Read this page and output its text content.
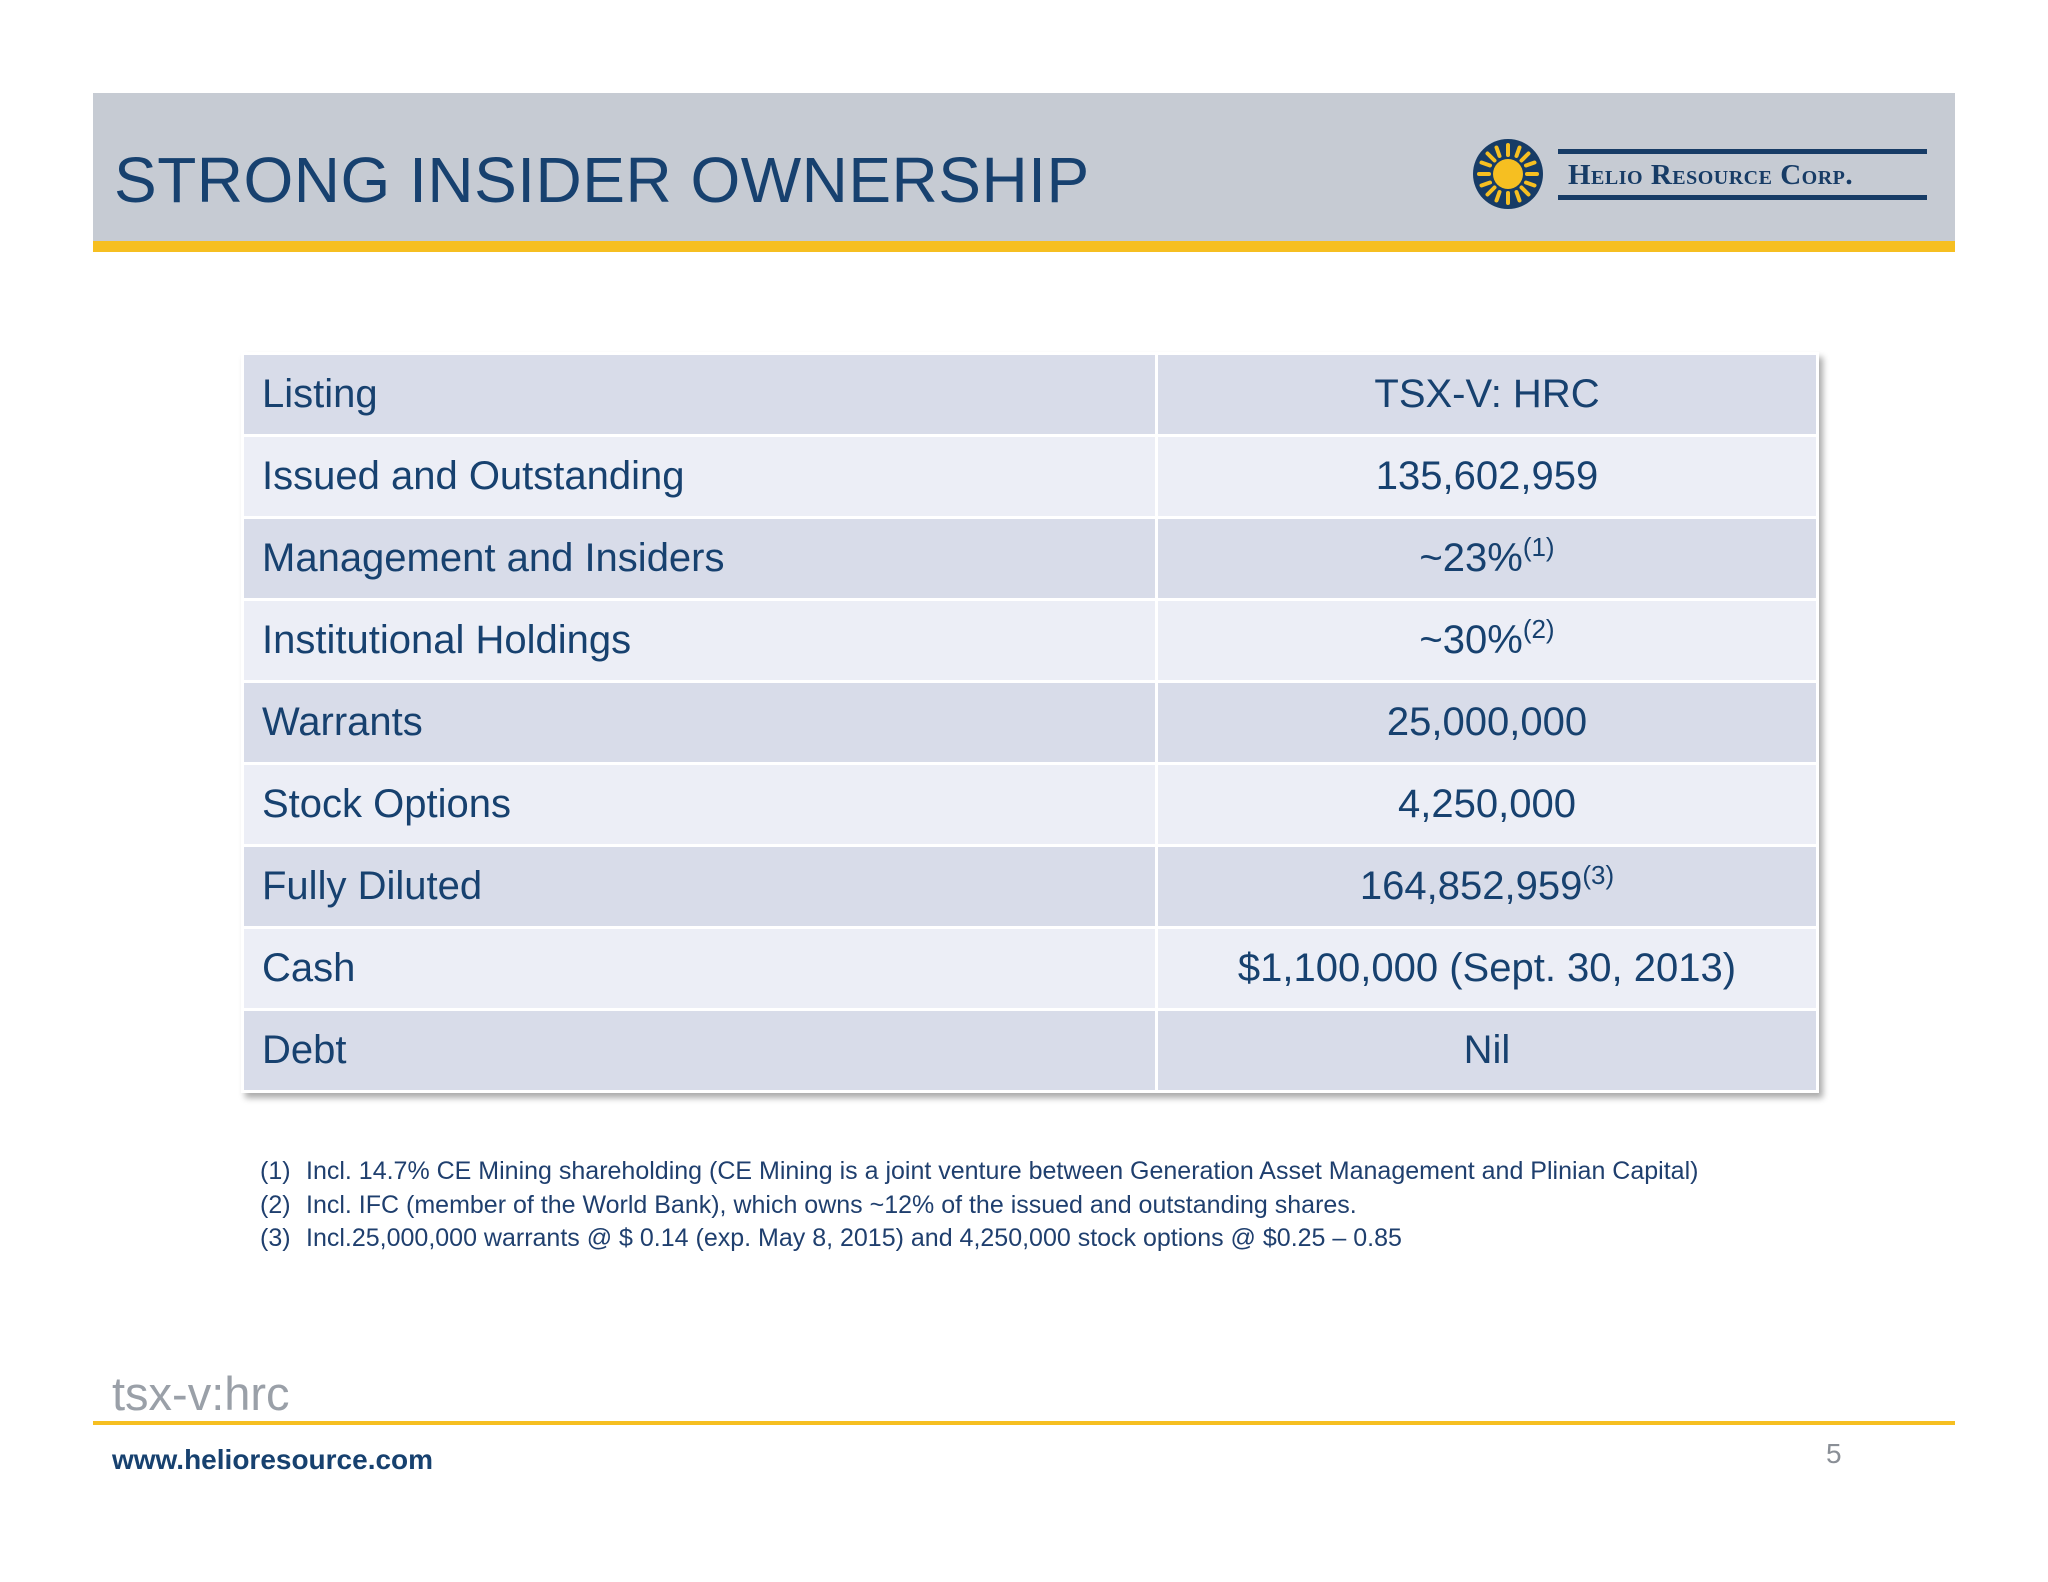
STRONG INSIDER OWNERSHIP	Helio Resource Corp.
Listing	TSX-V: HRC
Issued and Outstanding	135,602,959
Management and Insiders	~23%$^{(1)}$
Institutional Holdings	~30%$^{(2)}$
Warrants	25,000,000
Stock Options	4,250,000
Fully Diluted	164,852,959$^{(3)}$
Cash	$1,100,000 (Sept. 30, 2013)
Debt	Nil
(1) Incl. 14.7% CE Mining shareholding (CE Mining is a joint venture between Generation Asset Management and Plinian Capital)
(2) Incl. IFC (member of the World Bank), which owns ~12% of the issued and outstanding shares.
(3) Incl.25,000,000 warrants @ $ 0.14 (exp. May 8, 2015) and 4,250,000 stock options @ $0.25 – 0.85
tsx-v:hrc
www.helioresource.com	5
